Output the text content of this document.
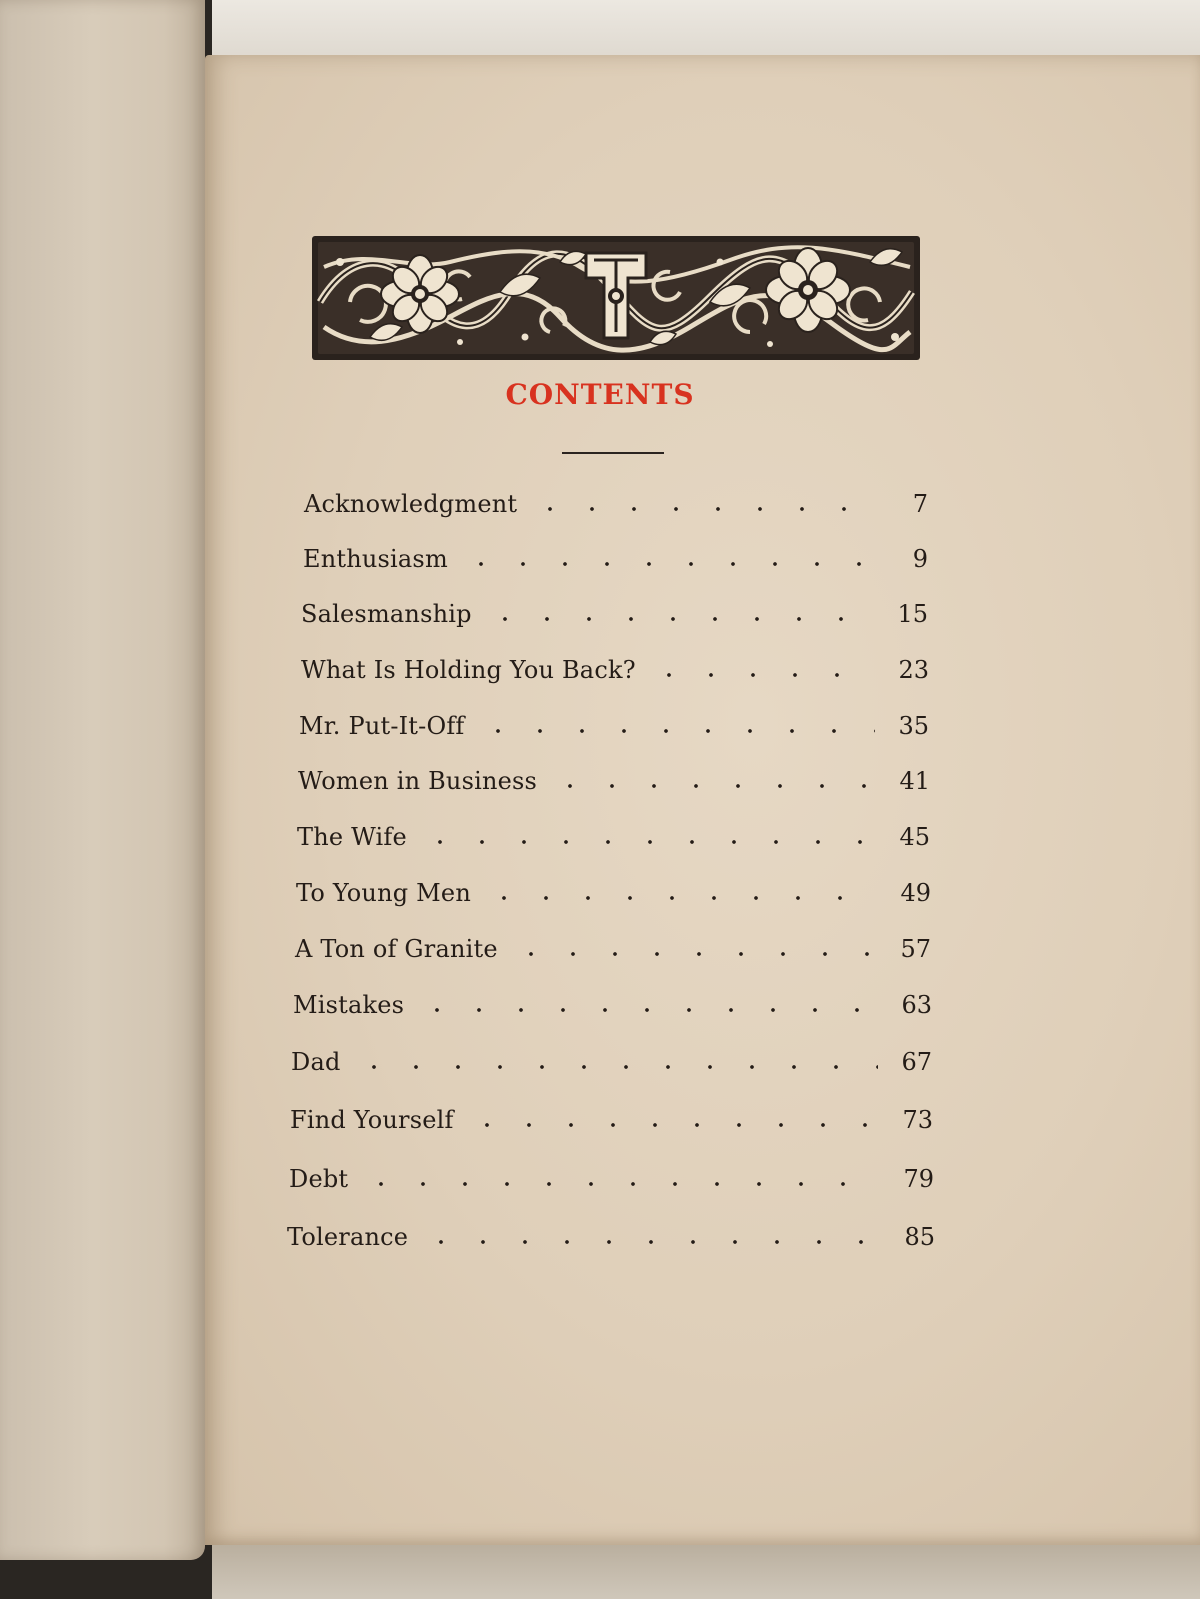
CONTENTS
Acknowledgment	7
Enthusiasm	9
Salesmanship	15
What Is Holding You Back?	23
Mr. Put-It-Off	35
Women in Business	41
The Wife	45
To Young Men	49
A Ton of Granite	57
Mistakes	63
Dad	67
Find Yourself	73
Debt	79
Tolerance	85
